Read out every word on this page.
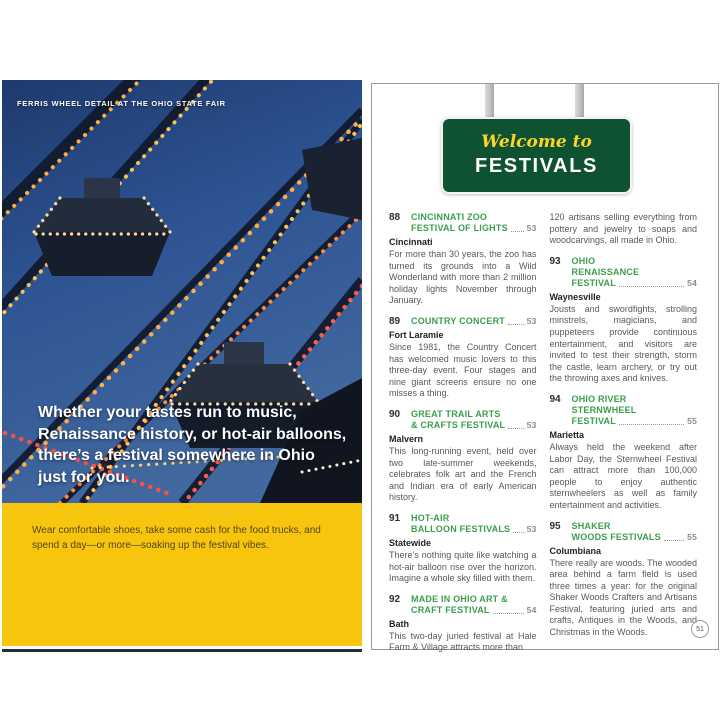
FERRIS WHEEL DETAIL AT THE OHIO STATE FAIR
Whether your tastes run to music,
Renaissance history, or hot-air balloons,
there’s a festival somewhere in Ohio
just for you.
Wear comfortable shoes, take some cash for the food trucks, and spend a day—or more—soaking up the festival vibes.
Welcome to
FESTIVALS
88	CINCINNATI ZOO
FESTIVAL OF LIGHTS 53
Cincinnati
For more than 30 years, the zoo has turned its grounds into a Wild Wonderland with more than 2 million holiday lights November through January.
89	COUNTRY CONCERT	53
Fort Laramie
Since 1981, the Country Concert has welcomed music lovers to this three-day event. Four stages and nine giant screens ensure no one misses a thing.
90	GREAT TRAIL ARTS
& CRAFTS FESTIVAL	53
Malvern
This long-running event, held over two late-summer weekends, celebrates folk art and the French and Indian era of early American history.
91	HOT-AIR
BALLOON FESTIVALS 53
Statewide
There’s nothing quite like watching a hot-air balloon rise over the horizon. Imagine a whole sky filled with them.
92	MADE IN OHIO ART &
CRAFT FESTIVAL	54
Bath
This two-day juried festival at Hale Farm & Village attracts more than
120 artisans selling everything from pottery and jewelry to soaps and woodcarvings, all made in Ohio.
93	OHIO
RENAISSANCE
FESTIVAL	54
Waynesville
Jousts and swordfights, strolling minstrels, magicians, and puppeteers provide continuous entertainment, and visitors are invited to test their strength, storm the castle, learn archery, or try out the throwing axes and knives.
94	OHIO RIVER
STERNWHEEL
FESTIVAL	55
Marietta
Always held the weekend after Labor Day, the Sternwheel Festival can attract more than 100,000 people to enjoy authentic sternwheelers as well as family entertainment and activities.
95	SHAKER
WOODS FESTIVALS	55
Columbiana
There really are woods. The wooded area behind a farm field is used three times a year: for the original Shaker Woods Crafters and Artisans Festival, featuring juried arts and crafts, Antiques in the Woods, and Christmas in the Woods.	51
